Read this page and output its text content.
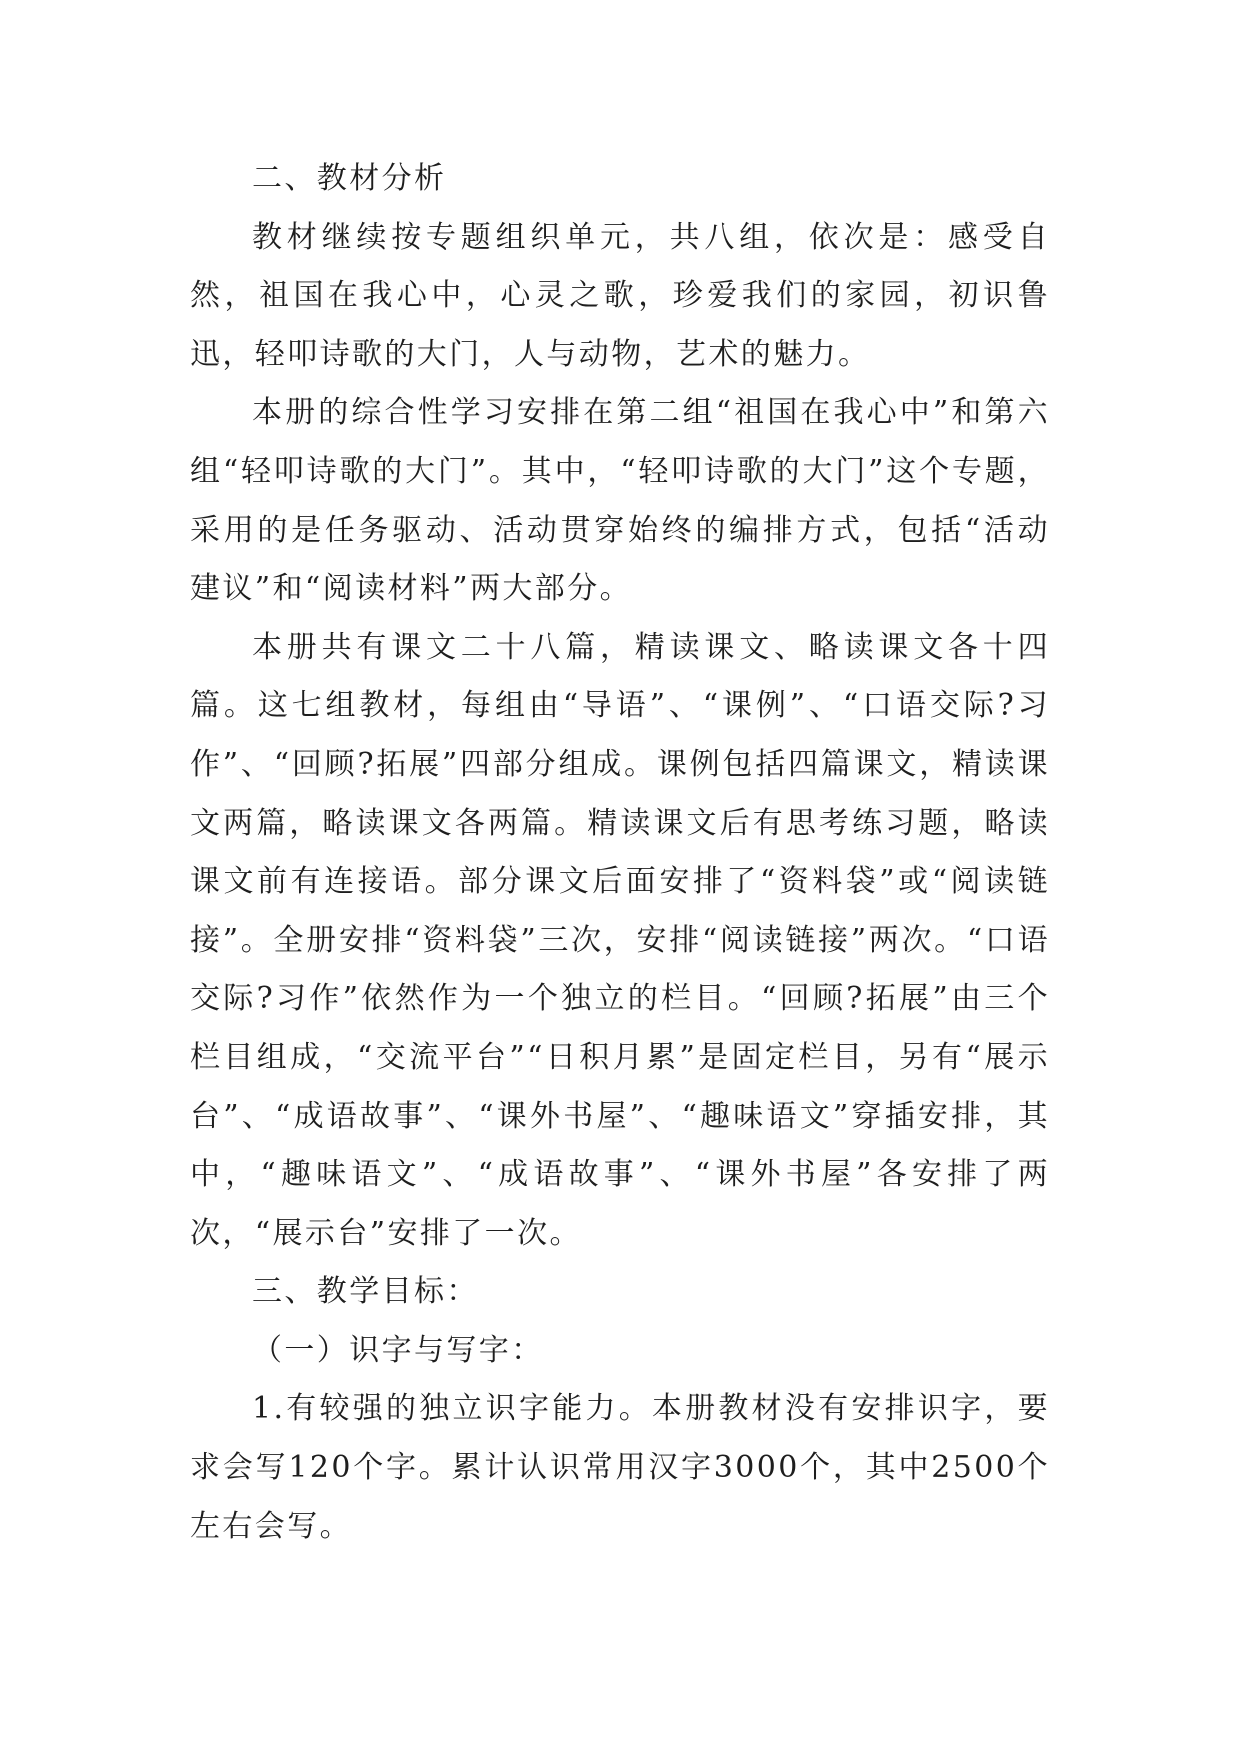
二、教材分析

教材继续按专题组织单元，共八组，依次是：感受自然，祖国在我心中，心灵之歌，珍爱我们的家园，初识鲁迅，轻叩诗歌的大门，人与动物，艺术的魅力。

本册的综合性学习安排在第二组“祖国在我心中”和第六组“轻叩诗歌的大门”。其中，“轻叩诗歌的大门”这个专题，采用的是任务驱动、活动贯穿始终的编排方式，包括“活动建议”和“阅读材料”两大部分。

本册共有课文二十八篇，精读课文、略读课文各十四篇。这七组教材，每组由“导语”、“课例”、“口语交际?习作”、“回顾?拓展”四部分组成。课例包括四篇课文，精读课文两篇，略读课文各两篇。精读课文后有思考练习题，略读课文前有连接语。部分课文后面安排了“资料袋”或“阅读链接”。全册安排“资料袋”三次，安排“阅读链接”两次。“口语交际?习作”依然作为一个独立的栏目。“回顾?拓展”由三个栏目组成，“交流平台”“日积月累”是固定栏目，另有“展示台”、“成语故事”、“课外书屋”、“趣味语文”穿插安排，其中，“趣味语文”、“成语故事”、“课外书屋”各安排了两次，“展示台”安排了一次。

三、教学目标：

（一）识字与写字：

1.有较强的独立识字能力。本册教材没有安排识字，要求会写120个字。累计认识常用汉字3000个，其中2500个左右会写。
